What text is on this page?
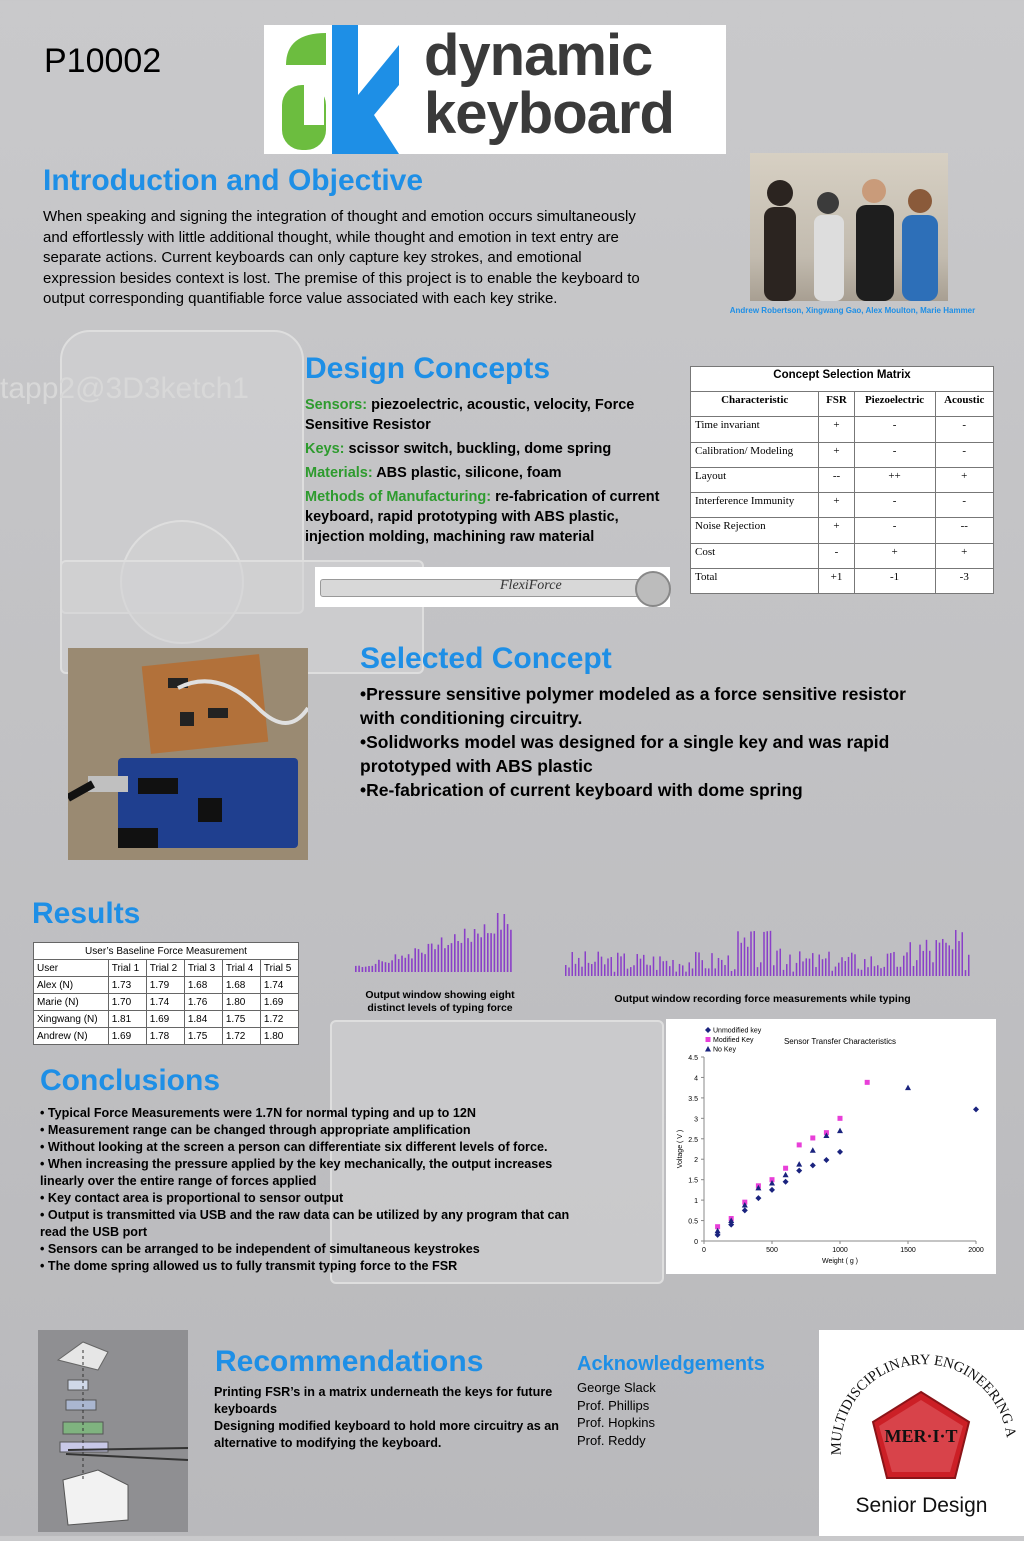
tapp2@3D3ketch1
P10002	dynamic
keyboard
Introduction and Objective
When speaking and signing the integration of thought and emotion occurs simultaneously and effortlessly with little additional thought, while thought and emotion in text entry are separate actions. Current keyboards can only capture key strokes, and emotional expression besides context is lost. The premise of this project is to enable the keyboard to output corresponding quantifiable force value associated with each key strike.
Andrew Robertson, Xingwang Gao, Alex Moulton, Marie Hammer
Design Concepts
Sensors: piezoelectric, acoustic, velocity, Force Sensitive Resistor
Keys: scissor switch, buckling, dome spring
Materials: ABS plastic, silicone, foam
Methods of Manufacturing: re-fabrication of current keyboard, rapid prototyping with ABS plastic, injection molding, machining raw material
FlexiForce
Concept Selection Matrix			
Characteristic	FSR	Piezoelectric	Acoustic
Time invariant	+	-	-
Calibration/ Modeling	+	-	-
Layout	--	++	+
Interference Immunity	+	-	-
Noise Rejection	+	-	--
Cost	-	+	+
Total	+1	-1	-3
Selected Concept
•Pressure sensitive polymer modeled as a force sensitive resistor with conditioning circuitry.
•Solidworks model was designed for a single key and was rapid prototyped with ABS plastic
•Re-fabrication of current keyboard with dome spring
Results
User’s Baseline Force Measurement					
User	Trial 1	Trial 2	Trial 3	Trial 4	Trial 5
Alex (N)	1.73	1.79	1.68	1.68	1.74
Marie (N)	1.70	1.74	1.76	1.80	1.69
Xingwang (N)	1.81	1.69	1.84	1.75	1.72
Andrew (N)	1.69	1.78	1.75	1.72	1.80
Output window showing eight distinct levels of typing force
Output window recording force measurements while typing
0
0.5
1
1.5
2
2.5
3
3.5
4
4.5
0	500	1000	1500	2000
Sensor Transfer Characteristics
Weight ( g )
Voltage ( V )
Unmodified key
Modified Key
No Key
Conclusions
• Typical Force Measurements were 1.7N for normal typing and up to 12N
• Measurement range can be changed through appropriate amplification
• Without looking at the screen a person can differentiate six different levels of force.
• When increasing the pressure applied by the key mechanically, the output increases linearly over the entire range of forces applied
• Key contact area is proportional to sensor output
• Output is transmitted via USB and the raw data can be utilized by any program that can read the USB port
• Sensors can be arranged to be independent of simultaneous keystrokes
• The dome spring allowed us to fully transmit typing force to the FSR
Recommendations
Printing FSR’s in a matrix underneath the keys for future keyboards
Designing modified keyboard to hold more circuitry as an alternative to modifying the keyboard.
Acknowledgements
George Slack
Prof. Phillips
Prof. Hopkins
Prof. Reddy
MULTIDISCIPLINARY ENGINEERING A
MER·I·T
Senior Design
